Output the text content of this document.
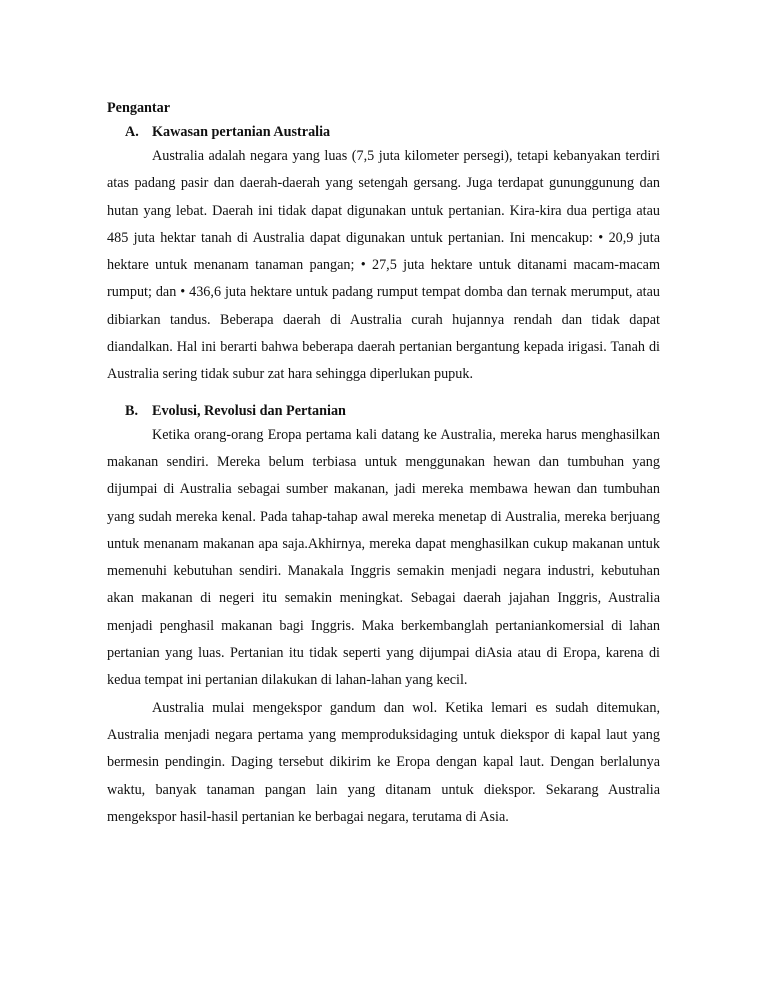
Pengantar

A. Kawasan pertanian Australia

Australia adalah negara yang luas (7,5 juta kilometer persegi), tetapi kebanyakan terdiri atas padang pasir dan daerah-daerah yang setengah gersang. Juga terdapat gununggunung dan hutan yang lebat. Daerah ini tidak dapat digunakan untuk pertanian. Kira-kira dua pertiga atau 485 juta hektar tanah di Australia dapat digunakan untuk pertanian. Ini mencakup: • 20,9 juta hektare untuk menanam tanaman pangan; • 27,5 juta hektare untuk ditanami macam-macam rumput; dan • 436,6 juta hektare untuk padang rumput tempat domba dan ternak merumput, atau dibiarkan tandus. Beberapa daerah di Australia curah hujannya rendah dan tidak dapat diandalkan. Hal ini berarti bahwa beberapa daerah pertanian bergantung kepada irigasi. Tanah di Australia sering tidak subur zat hara sehingga diperlukan pupuk.

B. Evolusi, Revolusi dan Pertanian

Ketika orang-orang Eropa pertama kali datang ke Australia, mereka harus menghasilkan makanan sendiri. Mereka belum terbiasa untuk menggunakan hewan dan tumbuhan yang dijumpai di Australia sebagai sumber makanan, jadi mereka membawa hewan dan tumbuhan yang sudah mereka kenal. Pada tahap-tahap awal mereka menetap di Australia, mereka berjuang untuk menanam makanan apa saja.Akhirnya, mereka dapat menghasilkan cukup makanan untuk memenuhi kebutuhan sendiri. Manakala Inggris semakin menjadi negara industri, kebutuhan akan makanan di negeri itu semakin meningkat. Sebagai daerah jajahan Inggris, Australia menjadi penghasil makanan bagi Inggris. Maka berkembanglah pertaniankomersial di lahan pertanian yang luas. Pertanian itu tidak seperti yang dijumpai diAsia atau di Eropa, karena di kedua tempat ini pertanian dilakukan di lahan-lahan yang kecil.

Australia mulai mengekspor gandum dan wol. Ketika lemari es sudah ditemukan, Australia menjadi negara pertama yang memproduksidaging untuk diekspor di kapal laut yang bermesin pendingin. Daging tersebut dikirim ke Eropa dengan kapal laut. Dengan berlalunya waktu, banyak tanaman pangan lain yang ditanam untuk diekspor. Sekarang Australia mengekspor hasil-hasil pertanian ke berbagai negara, terutama di Asia.
